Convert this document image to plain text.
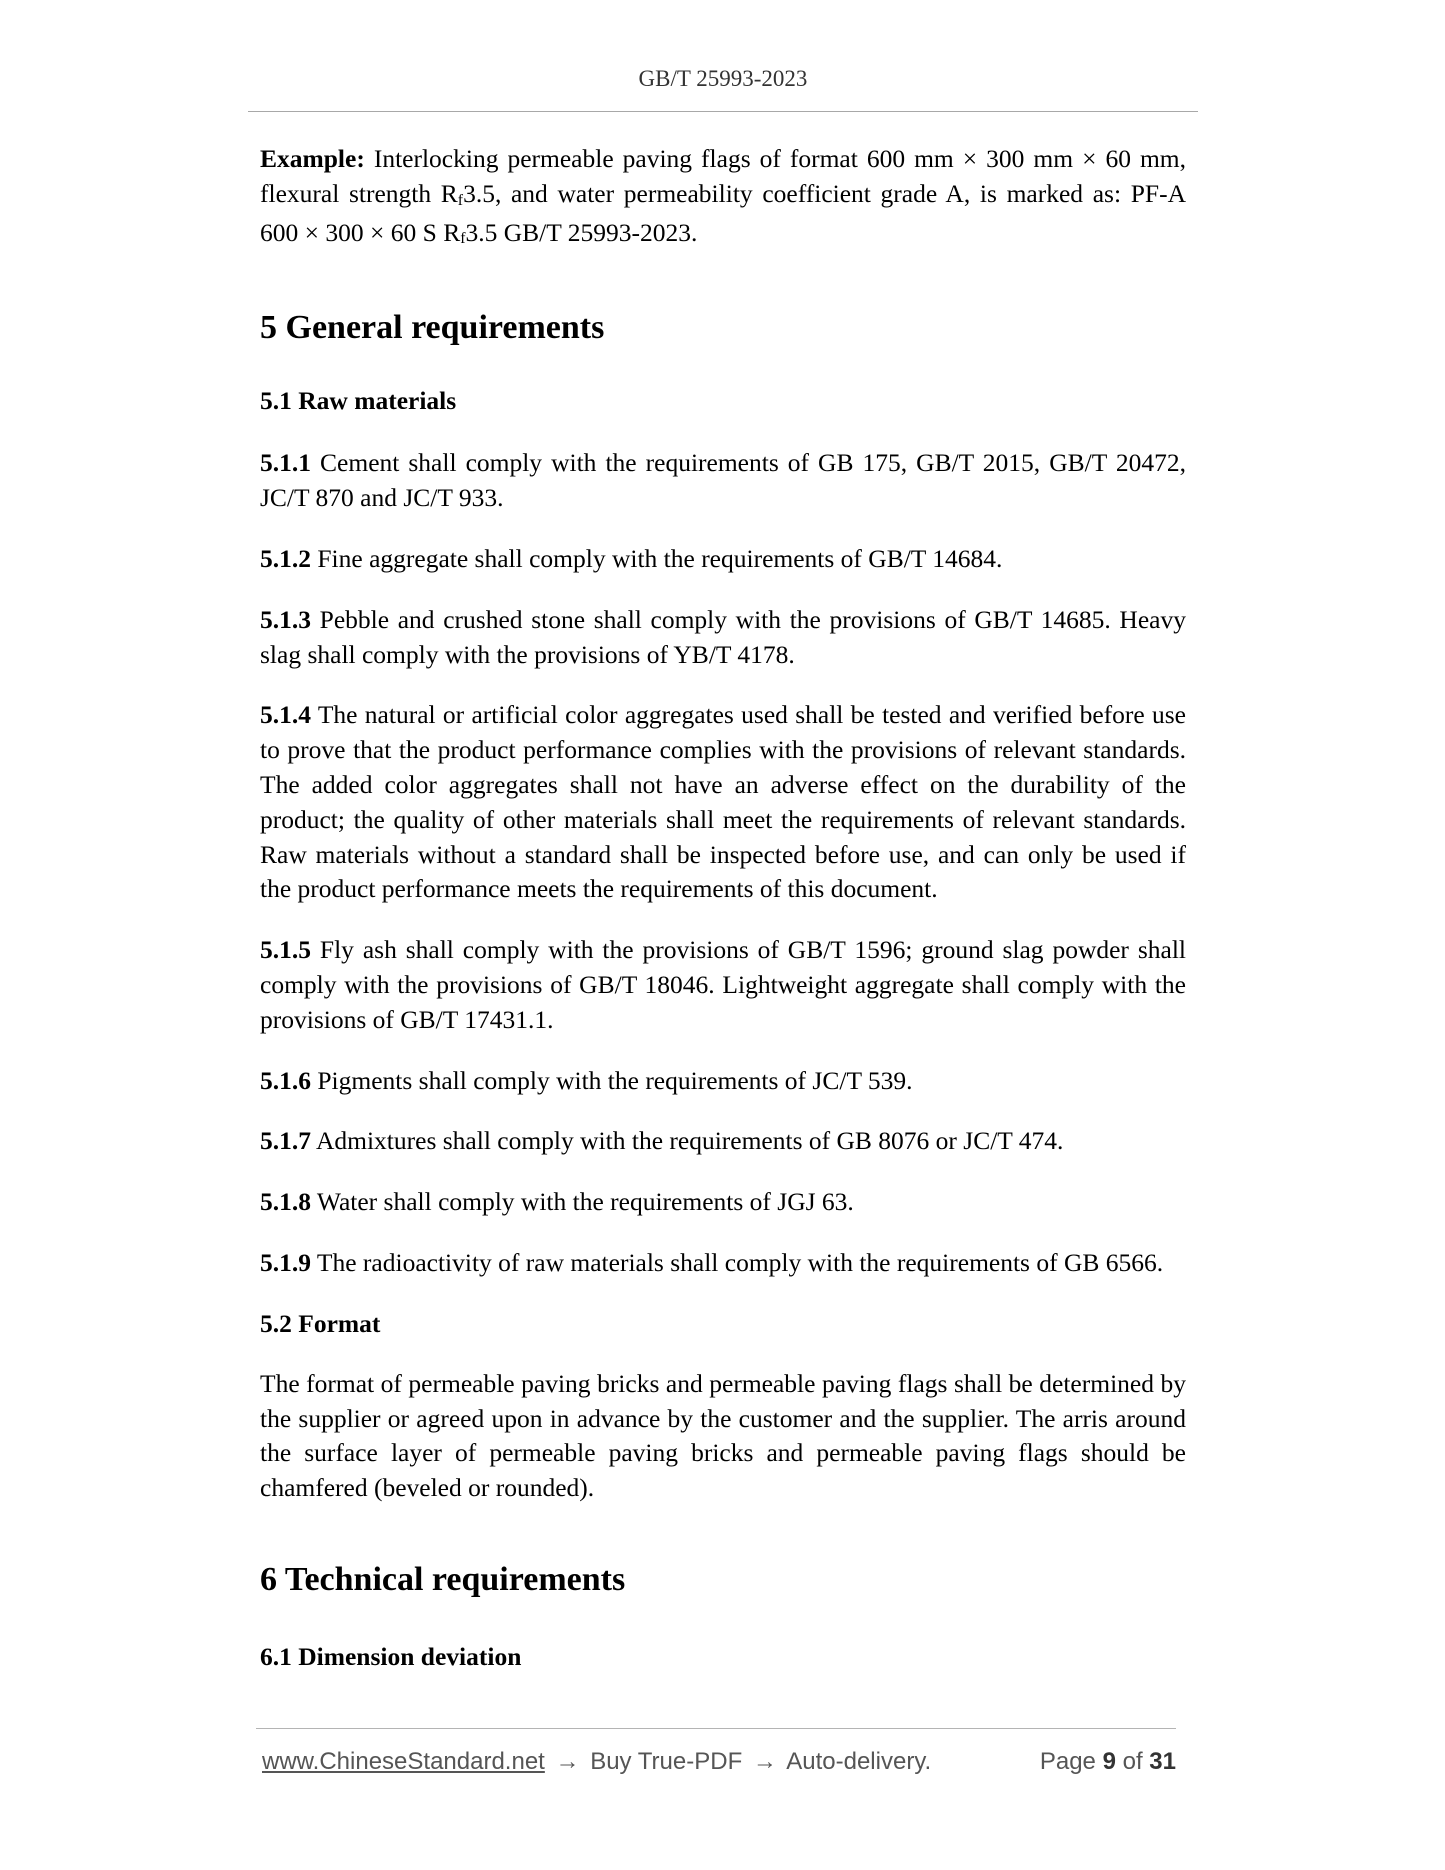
GB/T 25993-2023

Example: Interlocking permeable paving flags of format 600 mm × 300 mm × 60 mm, flexural strength Rf3.5, and water permeability coefficient grade A, is marked as: PF-A 600 × 300 × 60 S Rf3.5 GB/T 25993-2023.

5 General requirements
5.1 Raw materials

5.1.1 Cement shall comply with the requirements of GB 175, GB/T 2015, GB/T 20472, JC/T 870 and JC/T 933.

5.1.2 Fine aggregate shall comply with the requirements of GB/T 14684.

5.1.3 Pebble and crushed stone shall comply with the provisions of GB/T 14685. Heavy slag shall comply with the provisions of YB/T 4178.

5.1.4 The natural or artificial color aggregates used shall be tested and verified before use to prove that the product performance complies with the provisions of relevant standards. The added color aggregates shall not have an adverse effect on the durability of the product; the quality of other materials shall meet the requirements of relevant standards. Raw materials without a standard shall be inspected before use, and can only be used if the product performance meets the requirements of this document.

5.1.5 Fly ash shall comply with the provisions of GB/T 1596; ground slag powder shall comply with the provisions of GB/T 18046. Lightweight aggregate shall comply with the provisions of GB/T 17431.1.

5.1.6 Pigments shall comply with the requirements of JC/T 539.

5.1.7 Admixtures shall comply with the requirements of GB 8076 or JC/T 474.

5.1.8 Water shall comply with the requirements of JGJ 63.

5.1.9 The radioactivity of raw materials shall comply with the requirements of GB 6566.

5.2 Format

The format of permeable paving bricks and permeable paving flags shall be determined by the supplier or agreed upon in advance by the customer and the supplier. The arris around the surface layer of permeable paving bricks and permeable paving flags should be chamfered (beveled or rounded).

6 Technical requirements
6.1 Dimension deviation
www.ChineseStandard.net → Buy True-PDF → Auto-delivery.	Page 9 of 31
